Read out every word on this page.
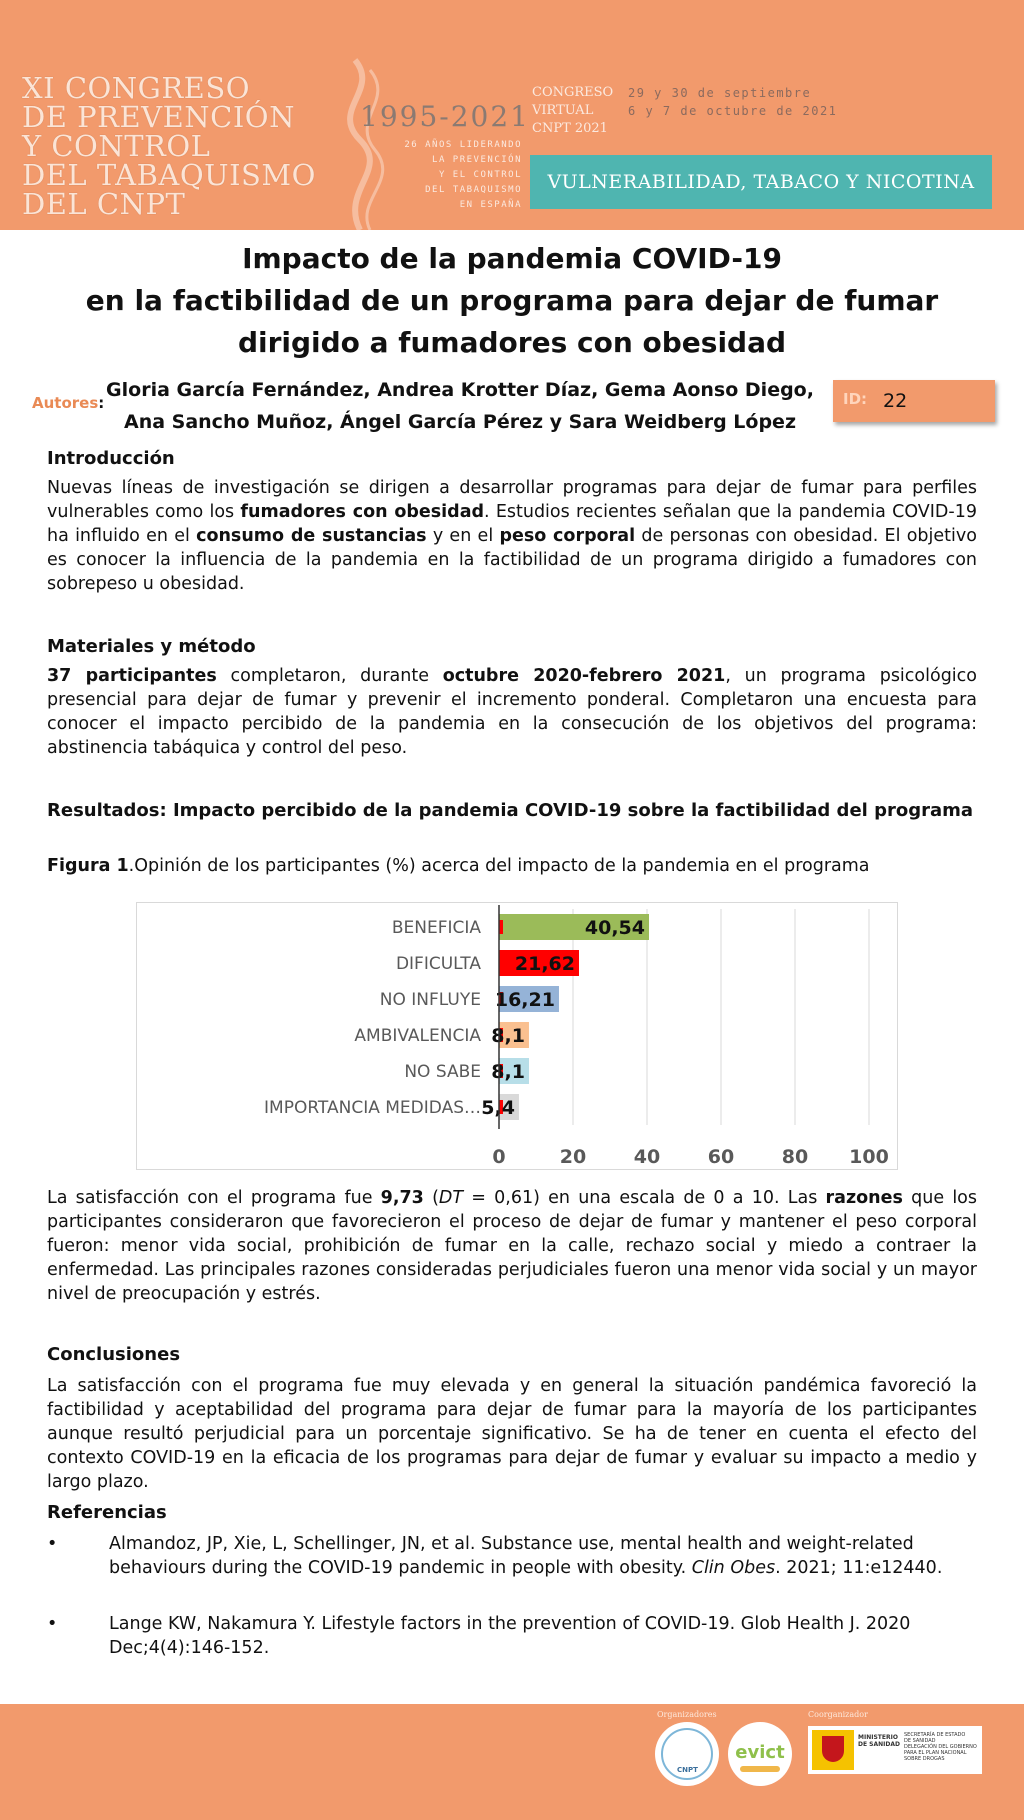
XI CONGRESO
DE PREVENCIÓN
Y CONTROL
DEL TABAQUISMO
DEL CNPT
1995-2021
26 AÑOS LIDERANDO
LA PREVENCIÓN
Y EL CONTROL
DEL TABAQUISMO
EN ESPAÑA
CONGRESO
VIRTUAL
CNPT 2021
29 y 30 de septiembre
6 y 7 de octubre de 2021
VULNERABILIDAD, TABACO Y NICOTINA
Impacto de la pandemia COVID-19
en la factibilidad de un programa para dejar de fumar
dirigido a fumadores con obesidad
Autores:
Gloria García Fernández, Andrea Krotter Díaz, Gema Aonso Diego,
Ana Sancho Muñoz, Ángel García Pérez y Sara Weidberg López
ID: 22
Introducción
Nuevas líneas de investigación se dirigen a desarrollar programas para dejar de fumar para perfiles vulnerables como los fumadores con obesidad. Estudios recientes señalan que la pandemia COVID-19 ha influido en el consumo de sustancias y en el peso corporal de personas con obesidad. El objetivo es conocer la influencia de la pandemia en la factibilidad de un programa dirigido a fumadores con sobrepeso u obesidad.
Materiales y método
37 participantes completaron, durante octubre 2020-febrero 2021, un programa psicológico presencial para dejar de fumar y prevenir el incremento ponderal. Completaron una encuesta para conocer el impacto percibido de la pandemia en la consecución de los objetivos del programa: abstinencia tabáquica y control del peso.
Resultados: Impacto percibido de la pandemia COVID-19 sobre la factibilidad del programa
Figura 1.Opinión de los participantes (%) acerca del impacto de la pandemia en el programa
BENEFICIA	40,54
DIFICULTA 21,62
NO INFLUYE 16,21
AMBIVALENCIA 8,1
NO SABE 8,1
IMPORTANCIA MEDIDAS… 5,4
0	20	40	60	80 100
La satisfacción con el programa fue 9,73 (DT = 0,61) en una escala de 0 a 10. Las razones que los participantes consideraron que favorecieron el proceso de dejar de fumar y mantener el peso corporal fueron: menor vida social, prohibición de fumar en la calle, rechazo social y miedo a contraer la enfermedad. Las principales razones consideradas perjudiciales fueron una menor vida social y un mayor nivel de preocupación y estrés.
Conclusiones
La satisfacción con el programa fue muy elevada y en general la situación pandémica favoreció la factibilidad y aceptabilidad del programa para dejar de fumar para la mayoría de los participantes aunque resultó perjudicial para un porcentaje significativo. Se ha de tener en cuenta el efecto del contexto COVID-19 en la eficacia de los programas para dejar de fumar y evaluar su impacto a medio y largo plazo.
Referencias
•	Almandoz, JP, Xie, L, Schellinger, JN, et al. Substance use, mental health and weight-related behaviours during the COVID-19 pandemic in people with obesity. Clin Obes. 2021; 11:e12440.
•	Lange KW, Nakamura Y. Lifestyle factors in the prevention of COVID-19. Glob Health J. 2020 Dec;4(4):146-152.
Organizadores	Coorganizador
CNPT
evict
MINISTERIO
DE SANIDAD
SECRETARÍA DE ESTADO
DE SANIDAD
DELEGACIÓN DEL GOBIERNO
PARA EL PLAN NACIONAL SOBRE DROGAS
